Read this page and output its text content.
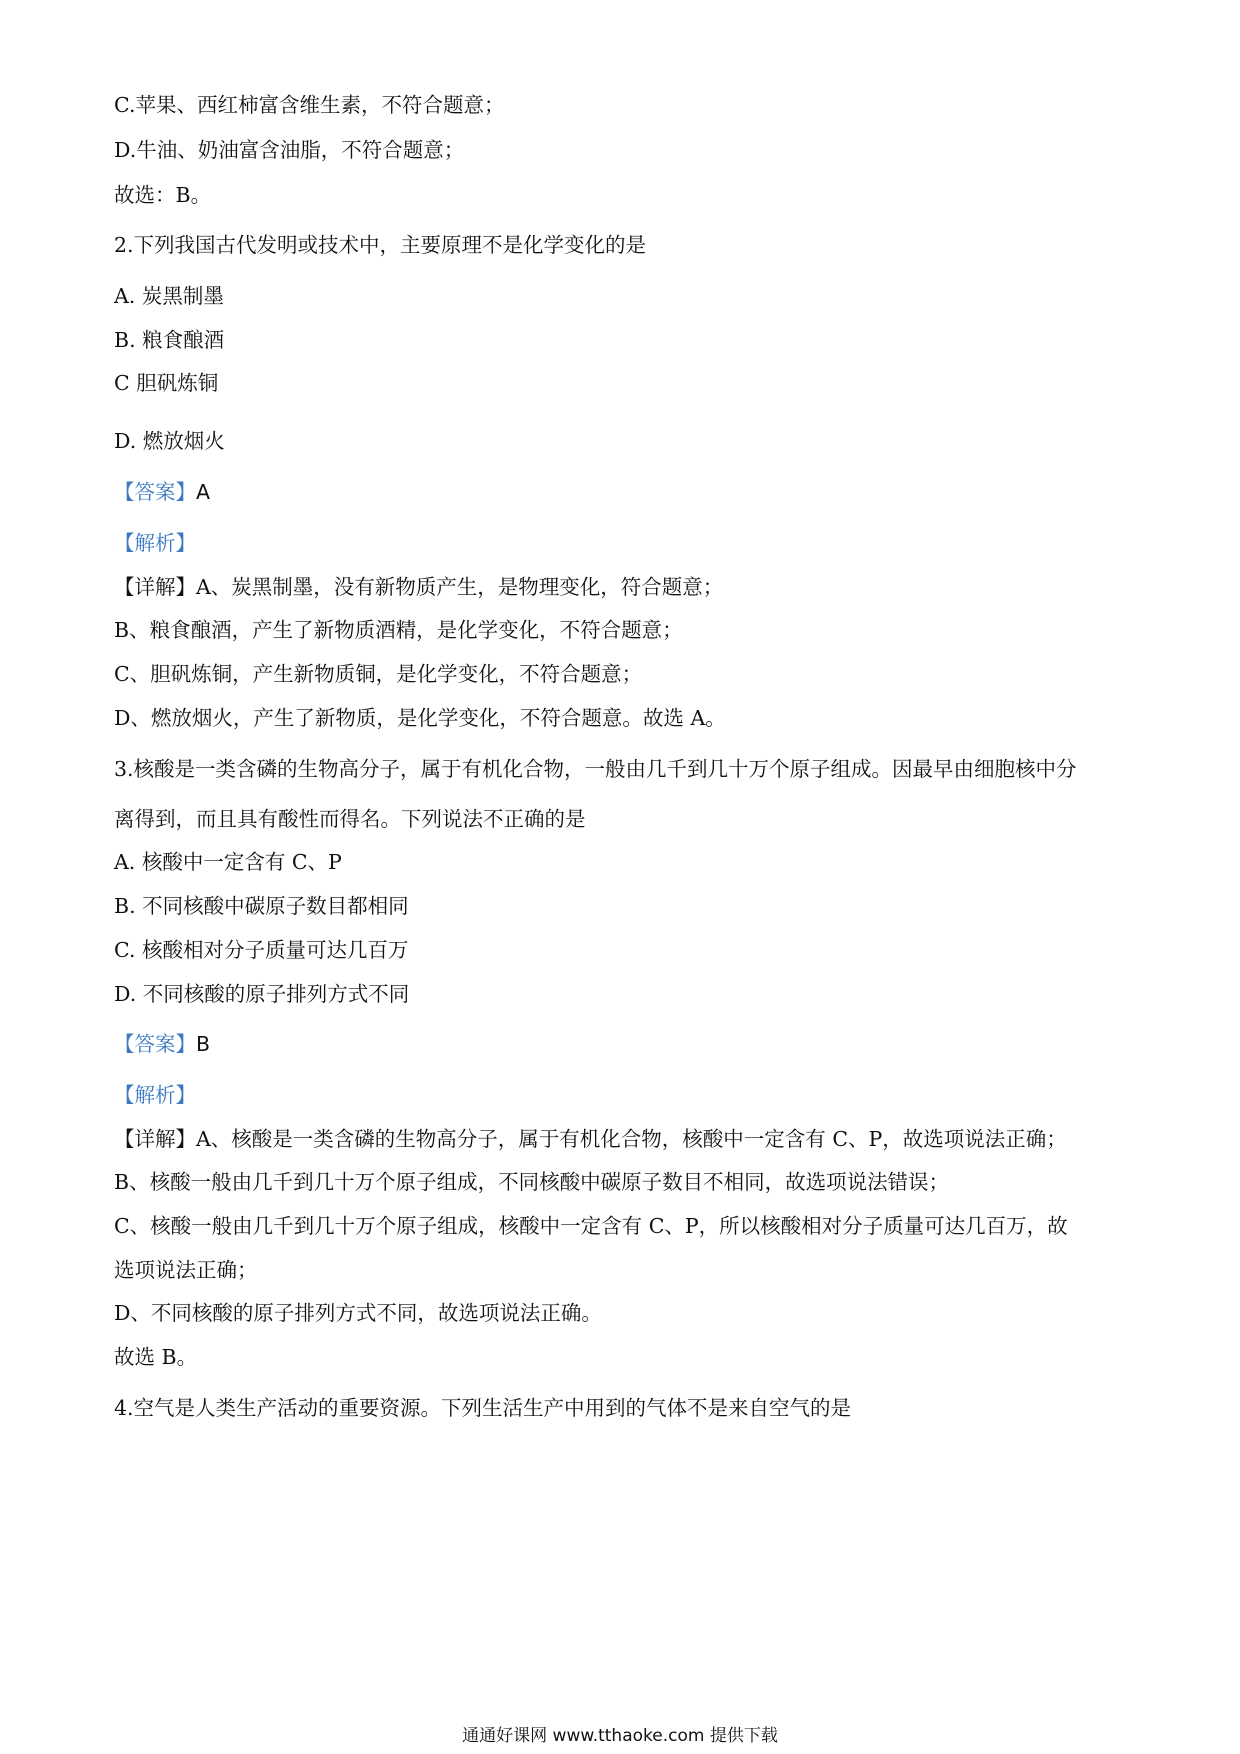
C.苹果、西红柿富含维生素，不符合题意；
D.牛油、奶油富含油脂，不符合题意；
故选：B。
2.下列我国古代发明或技术中，主要原理不是化学变化的是
A. 炭黑制墨
B. 粮食酿酒
C 胆矾炼铜
D. 燃放烟火
【答案】A
【解析】
【详解】A、炭黑制墨，没有新物质产生，是物理变化，符合题意；
B、粮食酿酒，产生了新物质酒精，是化学变化，不符合题意；
C、胆矾炼铜，产生新物质铜，是化学变化，不符合题意；
D、燃放烟火，产生了新物质，是化学变化，不符合题意。故选 A。
3.核酸是一类含磷的生物高分子，属于有机化合物，一般由几千到几十万个原子组成。因最早由细胞核中分
离得到，而且具有酸性而得名。下列说法不正确的是
A. 核酸中一定含有 C、P
B. 不同核酸中碳原子数目都相同
C. 核酸相对分子质量可达几百万
D. 不同核酸的原子排列方式不同
【答案】B
【解析】
【详解】A、核酸是一类含磷的生物高分子，属于有机化合物，核酸中一定含有 C、P，故选项说法正确；
B、核酸一般由几千到几十万个原子组成，不同核酸中碳原子数目不相同，故选项说法错误；
C、核酸一般由几千到几十万个原子组成，核酸中一定含有 C、P，所以核酸相对分子质量可达几百万，故
选项说法正确；
D、不同核酸的原子排列方式不同，故选项说法正确。
故选 B。
4.空气是人类生产活动的重要资源。下列生活生产中用到的气体不是来自空气的是
通通好课网 www.tthaoke.com 提供下载
